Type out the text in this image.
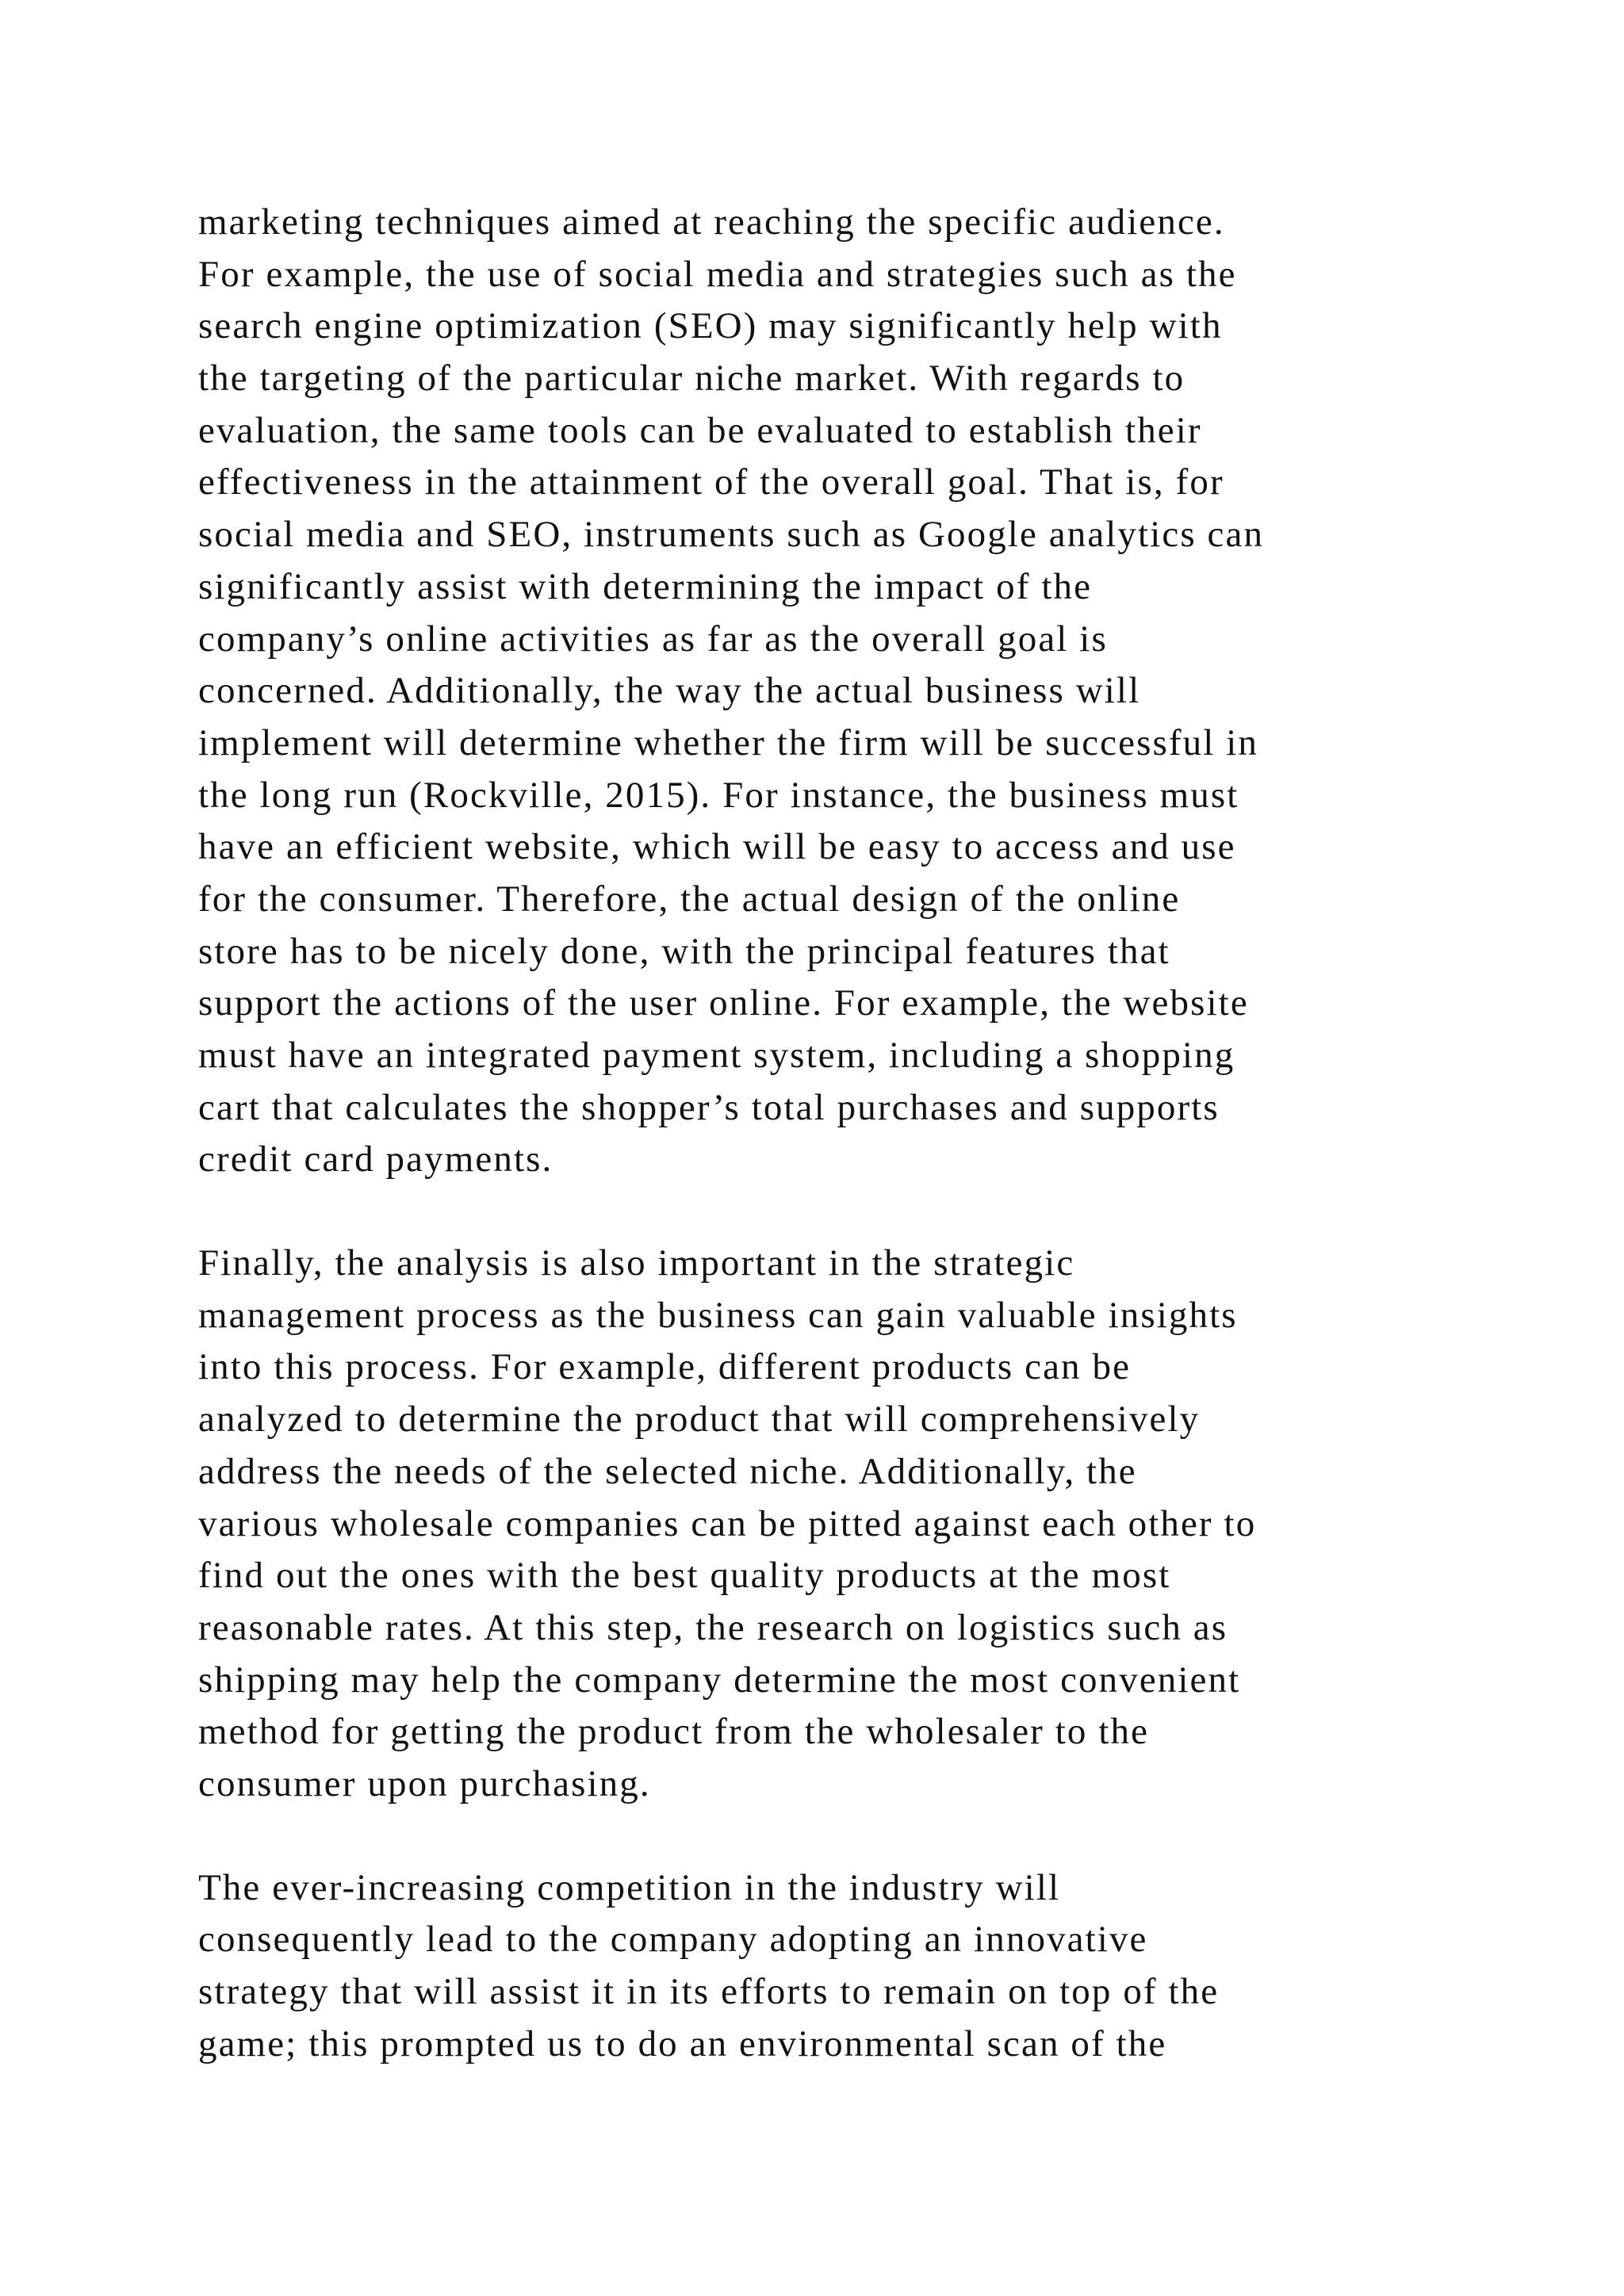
marketing techniques aimed at reaching the specific audience.
For example, the use of social media and strategies such as the
search engine optimization (SEO) may significantly help with
the targeting of the particular niche market. With regards to
evaluation, the same tools can be evaluated to establish their
effectiveness in the attainment of the overall goal. That is, for
social media and SEO, instruments such as Google analytics can
significantly assist with determining the impact of the
company’s online activities as far as the overall goal is
concerned. Additionally, the way the actual business will
implement will determine whether the firm will be successful in
the long run (Rockville, 2015). For instance, the business must
have an efficient website, which will be easy to access and use
for the consumer. Therefore, the actual design of the online
store has to be nicely done, with the principal features that
support the actions of the user online. For example, the website
must have an integrated payment system, including a shopping
cart that calculates the shopper’s total purchases and supports
credit card payments.
Finally, the analysis is also important in the strategic
management process as the business can gain valuable insights
into this process. For example, different products can be
analyzed to determine the product that will comprehensively
address the needs of the selected niche. Additionally, the
various wholesale companies can be pitted against each other to
find out the ones with the best quality products at the most
reasonable rates. At this step, the research on logistics such as
shipping may help the company determine the most convenient
method for getting the product from the wholesaler to the
consumer upon purchasing.
The ever-increasing competition in the industry will
consequently lead to the company adopting an innovative
strategy that will assist it in its efforts to remain on top of the
game; this prompted us to do an environmental scan of the
